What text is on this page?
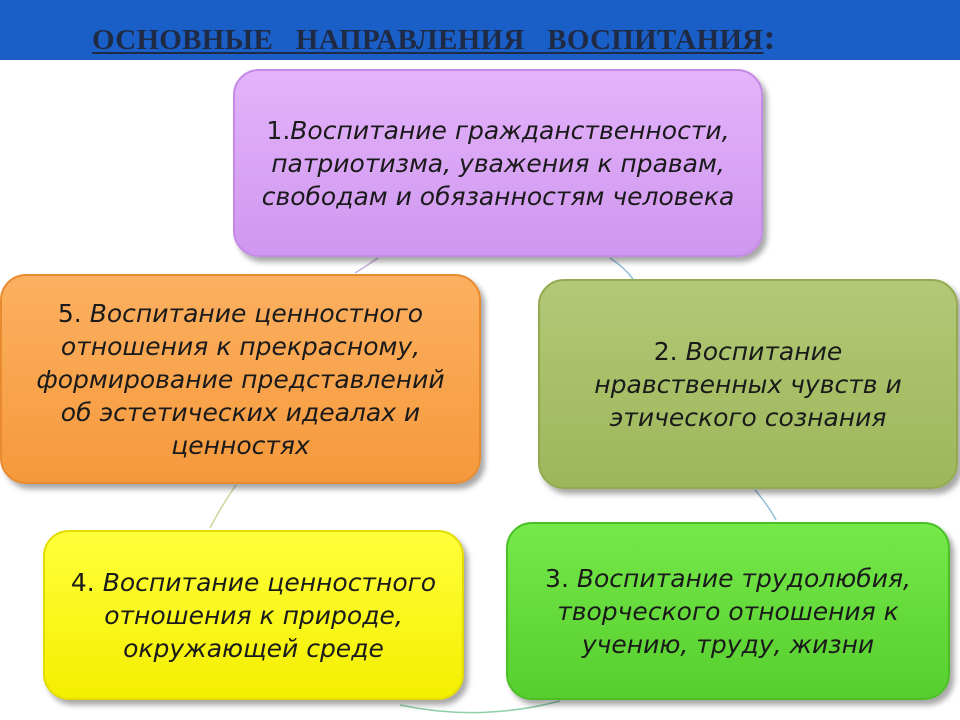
ОСНОВНЫЕ   НАПРАВЛЕНИЯ   ВОСПИТАНИЯ:
1.Воспитание гражданственности, патриотизма, уважения к правам, свободам и обязанностям человека
2. Воспитание нравственных чувств и этического сознания
3. Воспитание трудолюбия, творческого отношения к учению, труду, жизни
4. Воспитание ценностного отношения к природе, окружающей среде
5. Воспитание ценностного отношения к прекрасному, формирование представлений об эстетических идеалах и ценностях
